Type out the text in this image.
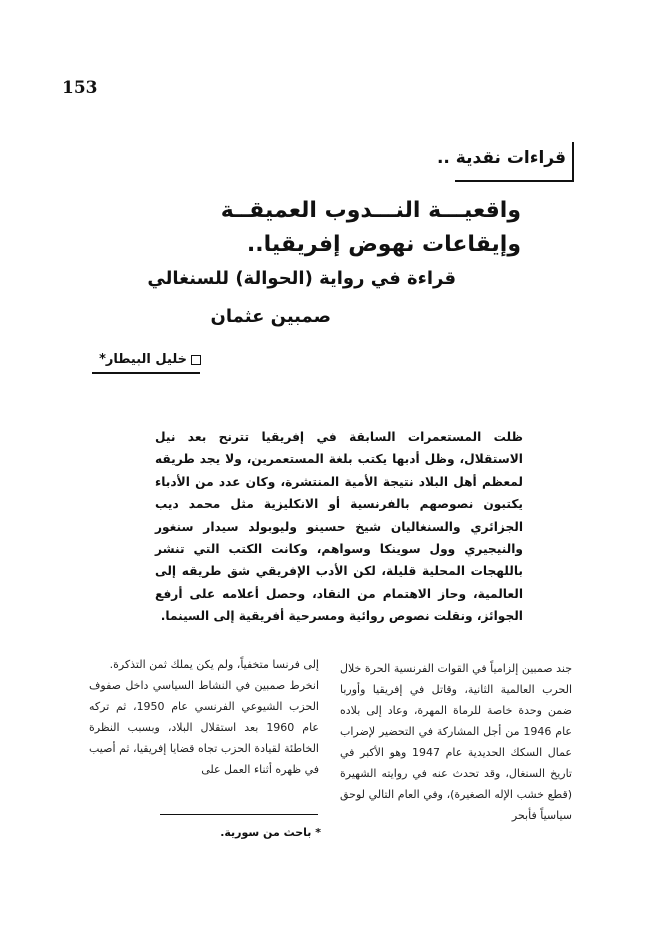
153
قراءات نقدية ..
واقعيـــة النـــدوب العميقــة
وإيقاعات نهوض إفريقيا..
قراءة في رواية (الحوالة) للسنغالي
صمبين عثمان
خليل البيطار*

ظلت المستعمرات السابقة في إفريقيا تترنح بعد نيل الاستقلال، وظل أدبها يكتب بلغة المستعمرين، ولا يجد طريقه لمعظم أهل البلاد نتيجة الأمية المنتشرة، وكان عدد من الأدباء يكتبون نصوصهم بالفرنسية أو الانكليزية مثل محمد ديب الجزائري والسنغاليان شيخ حسينو وليوبولد سيدار سنغور والنيجيري وول سوينكا وسواهم، وكانت الكتب التي تنشر باللهجات المحلية قليلة، لكن الأدب الإفريقي شق طريقه إلى العالمية، وحاز الاهتمام من النقاد، وحصل أعلامه على أرفع الجوائز، ونقلت نصوص روائية ومسرحية أفريقية إلى السينما.

جند صمبين إلزامياً في القوات الفرنسية الحرة خلال الحرب العالمية الثانية، وقاتل في إفريقيا وأوربا ضمن وحدة خاصة للرماة المهرة، وعاد إلى بلاده عام 1946 من أجل المشاركة في التحضير لإضراب عمال السكك الحديدية عام 1947 وهو الأكبر في تاريخ السنغال، وقد تحدث عنه في روايته الشهيرة (قطع خشب الإله الصغيرة)، وفي العام التالي لوحق سياسياً فأبحر

إلى فرنسا متخفياً، ولم يكن يملك ثمن التذكرة.

انخرط صمبين في النشاط السياسي داخل صفوف الحزب الشيوعي الفرنسي عام 1950، ثم تركه عام 1960 بعد استقلال البلاد، وبسبب النظرة الخاطئة لقيادة الحزب تجاه قضايا إفريقيا، ثم أصيب في ظهره أثناء العمل على

* باحث من سورية.
